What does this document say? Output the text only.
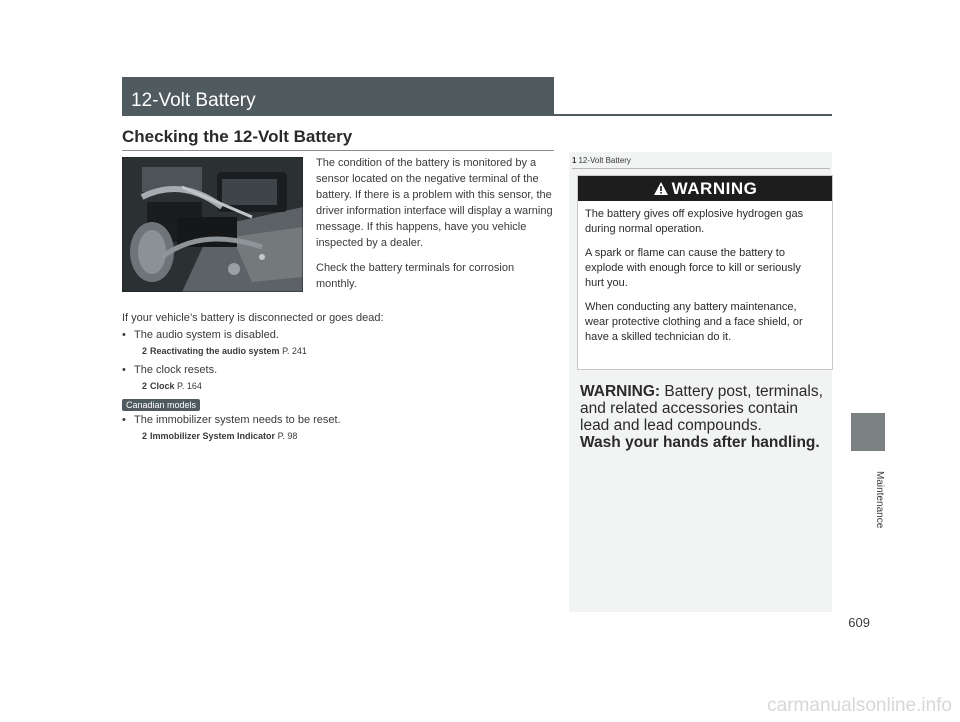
12-Volt Battery
Checking the 12-Volt Battery

The condition of the battery is monitored by a sensor located on the negative terminal of the battery. If there is a problem with this sensor, the driver information interface will display a warning message. If this happens, have you vehicle inspected by a dealer.

Check the battery terminals for corrosion monthly.

If your vehicle’s battery is disconnected or goes dead:

• The audio system is disabled.

2 Reactivating the audio system P. 241

• The clock resets.

2 Clock P. 164
Canadian models

• The immobilizer system needs to be reset.

2 Immobilizer System Indicator P. 98
1 12-Volt Battery
WARNING

The battery gives off explosive hydrogen gas during normal operation.

A spark or flame can cause the battery to explode with enough force to kill or seriously hurt you.

When conducting any battery maintenance, wear protective clothing and a face shield, or have a skilled technician do it.

WARNING: Battery post, terminals, and related accessories contain lead and lead compounds.
Wash your hands after handling.
Maintenance
609
carmanualsonline.info
